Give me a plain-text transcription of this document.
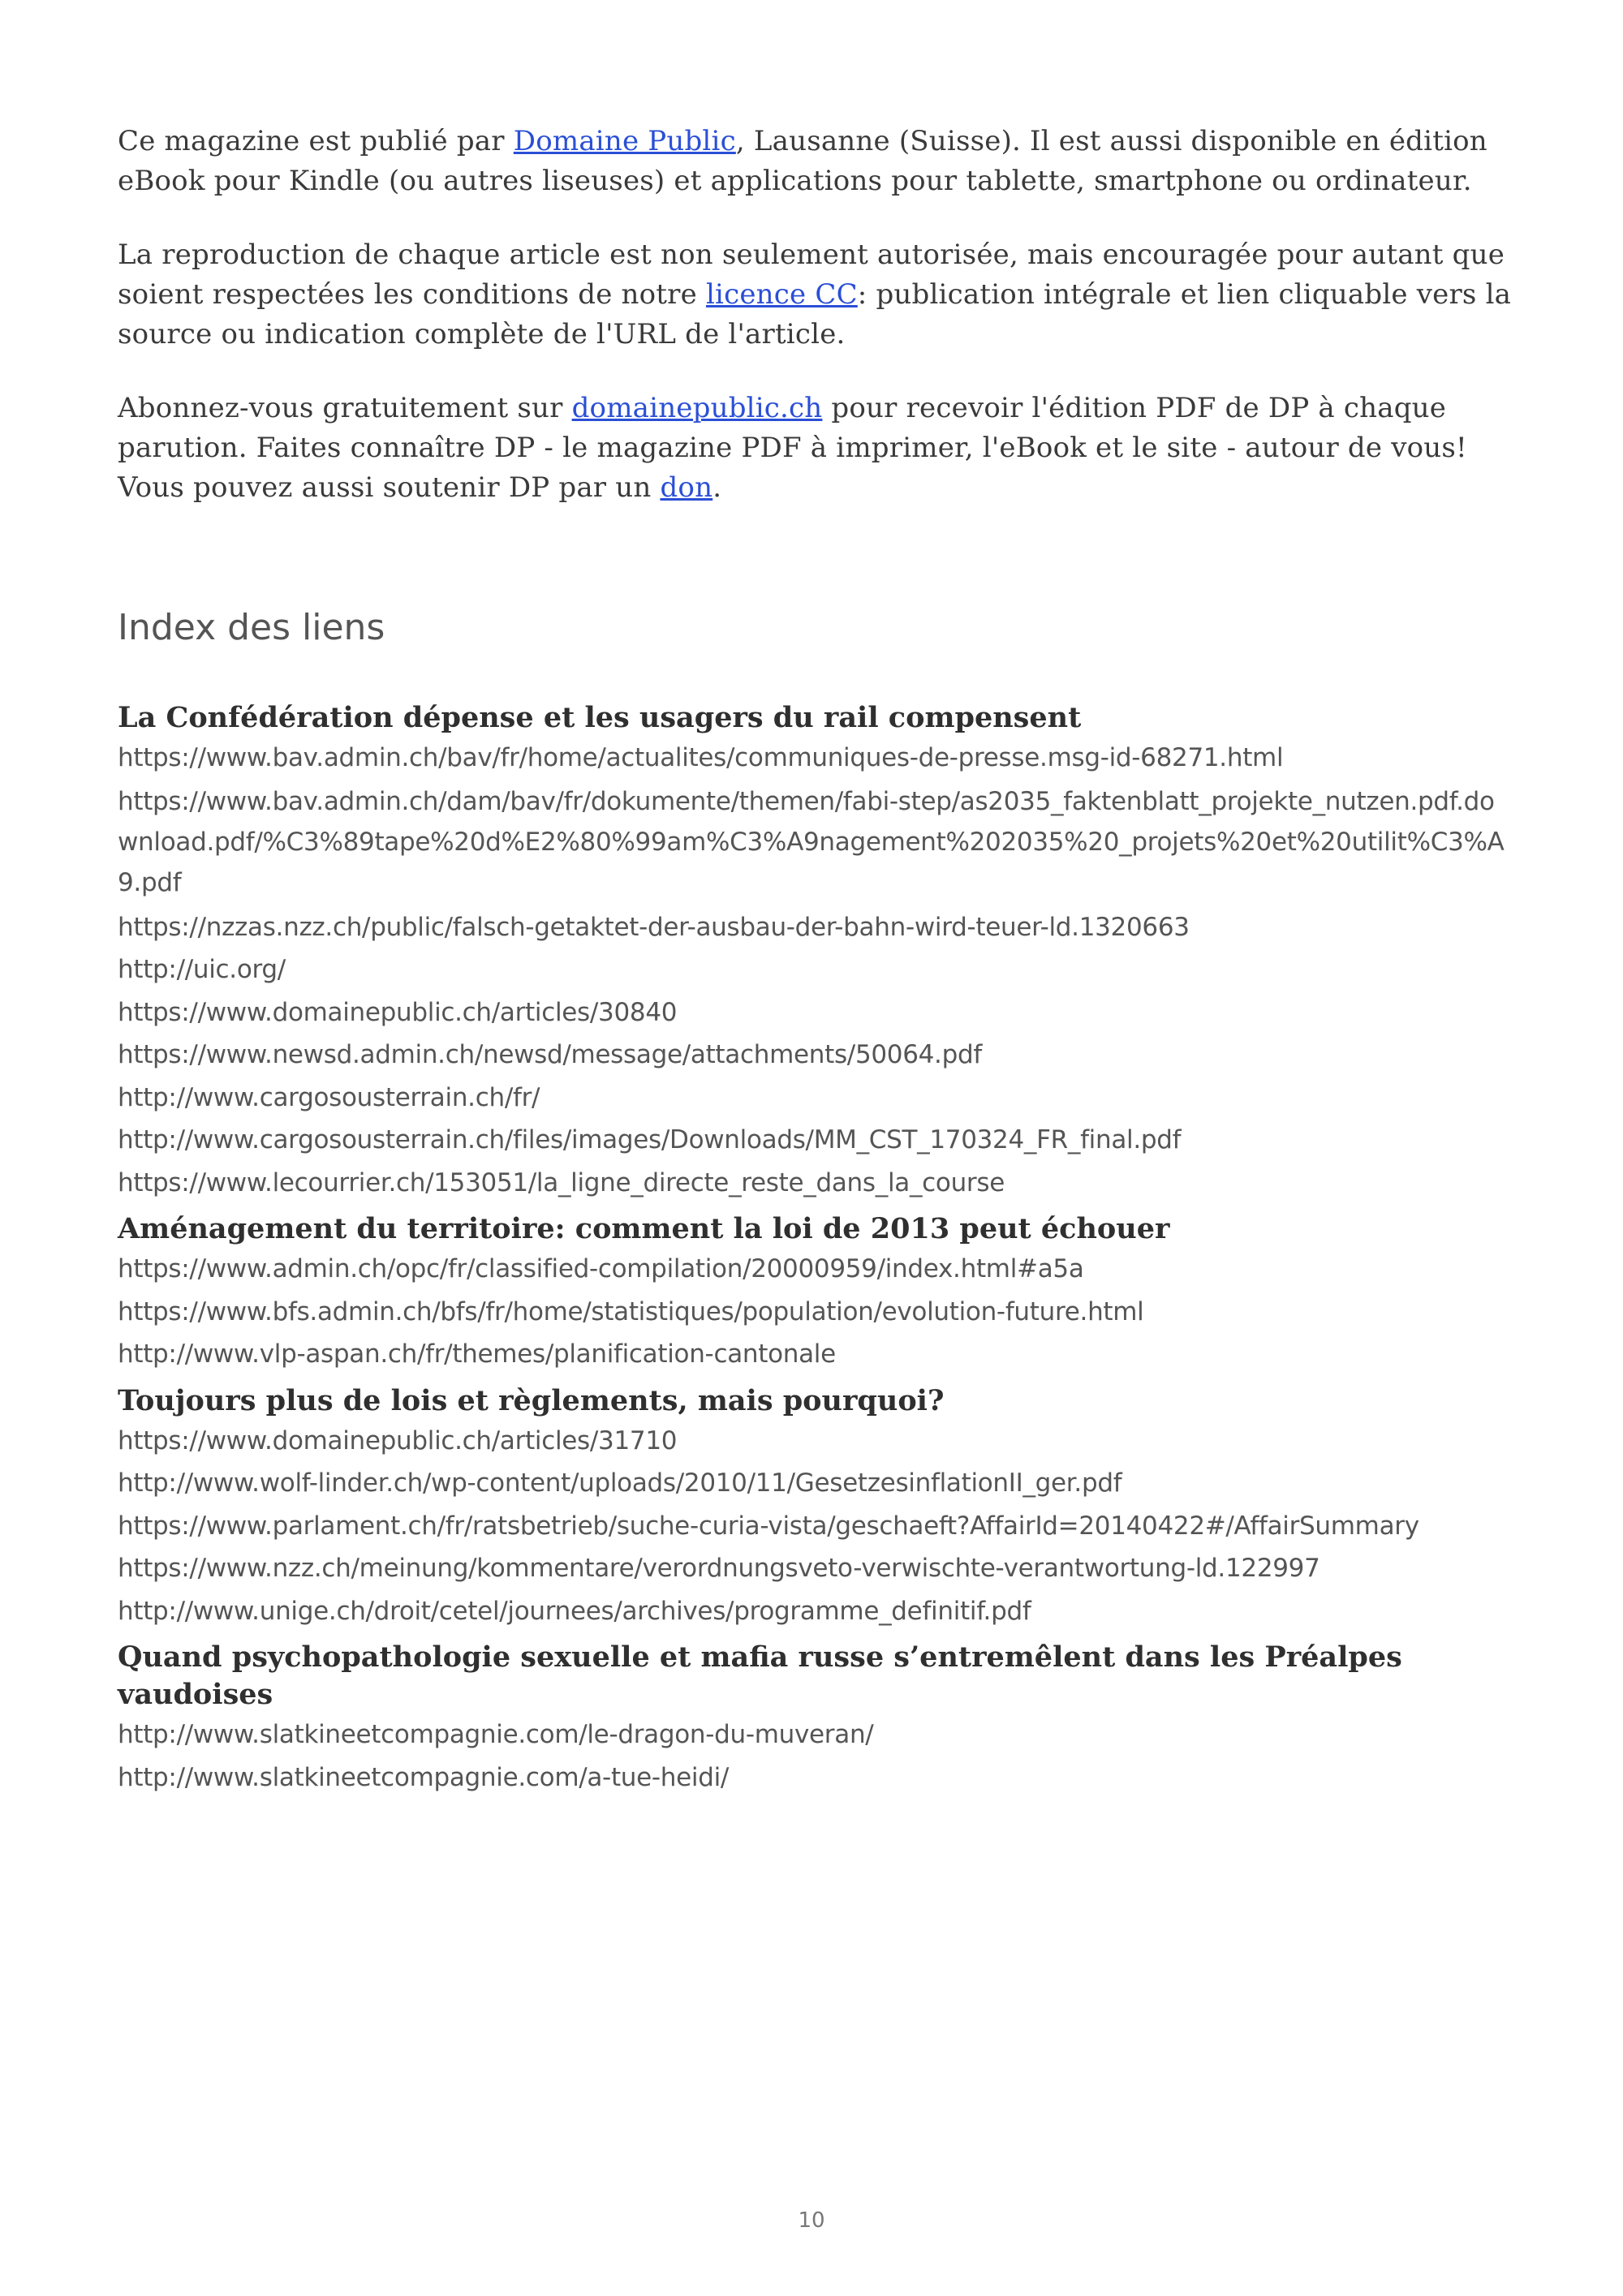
Ce magazine est publié par Domaine Public, Lausanne (Suisse). Il est aussi disponible en édition eBook pour Kindle (ou autres liseuses) et applications pour tablette, smartphone ou ordinateur.

La reproduction de chaque article est non seulement autorisée, mais encouragée pour autant que soient respectées les conditions de notre licence CC: publication intégrale et lien cliquable vers la source ou indication complète de l'URL de l'article.

Abonnez-vous gratuitement sur domainepublic.ch pour recevoir l'édition PDF de DP à chaque parution. Faites connaître DP - le magazine PDF à imprimer, l'eBook et le site - autour de vous! Vous pouvez aussi soutenir DP par un don.

Index des liens
La Confédération dépense et les usagers du rail compensent
https://www.bav.admin.ch/bav/fr/home/actualites/communiques-de-presse.msg-id-68271.html
https://www.bav.admin.ch/dam/bav/fr/dokumente/themen/fabi-step/as2035_faktenblatt_projekte_nutzen.pdf.download.pdf/%C3%89tape%20d%E2%80%99am%C3%A9nagement%202035%20_projets%20et%20utilit%C3%A9.pdf
https://nzzas.nzz.ch/public/falsch-getaktet-der-ausbau-der-bahn-wird-teuer-ld.1320663
http://uic.org/
https://www.domainepublic.ch/articles/30840
https://www.newsd.admin.ch/newsd/message/attachments/50064.pdf
http://www.cargosousterrain.ch/fr/
http://www.cargosousterrain.ch/files/images/Downloads/MM_CST_170324_FR_final.pdf
https://www.lecourrier.ch/153051/la_ligne_directe_reste_dans_la_course
Aménagement du territoire: comment la loi de 2013 peut échouer
https://www.admin.ch/opc/fr/classified-compilation/20000959/index.html#a5a
https://www.bfs.admin.ch/bfs/fr/home/statistiques/population/evolution-future.html
http://www.vlp-aspan.ch/fr/themes/planification-cantonale
Toujours plus de lois et règlements, mais pourquoi?
https://www.domainepublic.ch/articles/31710
http://www.wolf-linder.ch/wp-content/uploads/2010/11/GesetzesinflationII_ger.pdf
https://www.parlament.ch/fr/ratsbetrieb/suche-curia-vista/geschaeft?AffairId=20140422#/AffairSummary
https://www.nzz.ch/meinung/kommentare/verordnungsveto-verwischte-verantwortung-ld.122997
http://www.unige.ch/droit/cetel/journees/archives/programme_definitif.pdf
Quand psychopathologie sexuelle et mafia russe s’entremêlent dans les Préalpes vaudoises
http://www.slatkineetcompagnie.com/le-dragon-du-muveran/
http://www.slatkineetcompagnie.com/a-tue-heidi/
10
